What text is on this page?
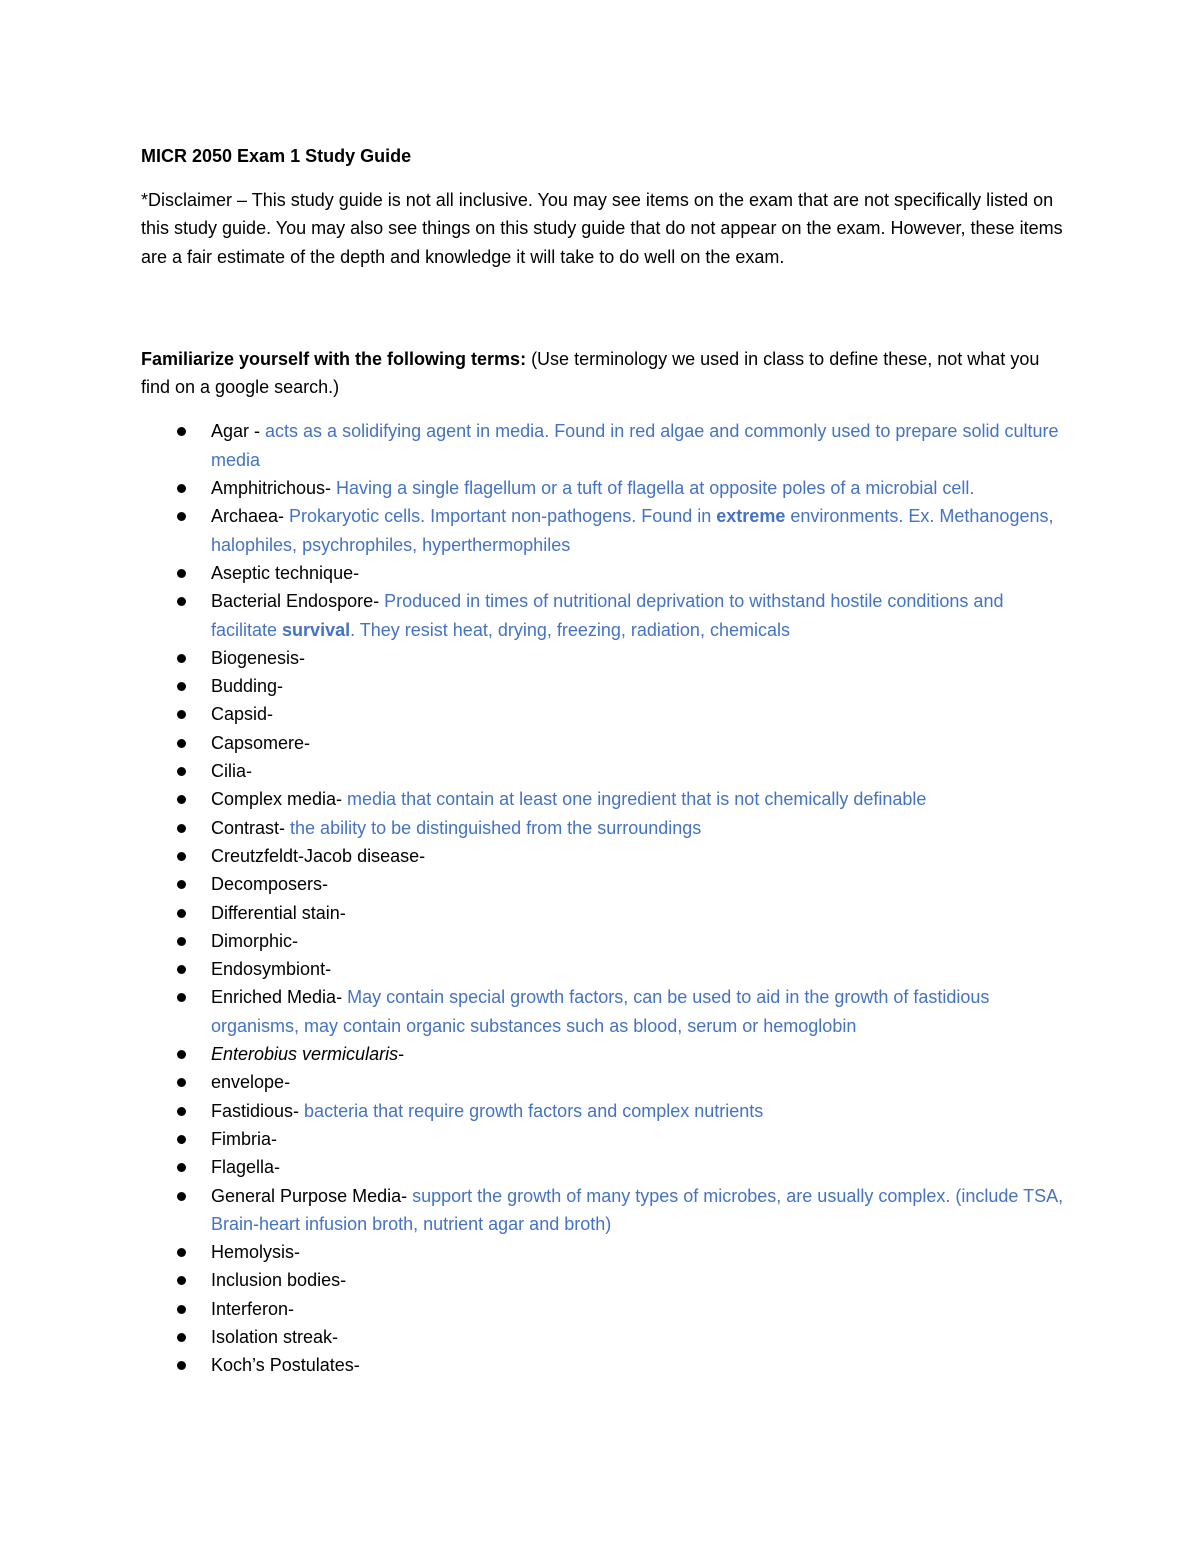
MICR 2050 Exam 1 Study Guide

*Disclaimer – This study guide is not all inclusive. You may see items on the exam that are not specifically listed on this study guide. You may also see things on this study guide that do not appear on the exam. However, these items are a fair estimate of the depth and knowledge it will take to do well on the exam.

Familiarize yourself with the following terms: (Use terminology we used in class to define these, not what you find on a google search.)

Agar - acts as a solidifying agent in media. Found in red algae and commonly used to prepare solid culture media
Amphitrichous- Having a single flagellum or a tuft of flagella at opposite poles of a microbial cell.
Archaea- Prokaryotic cells. Important non-pathogens. Found in extreme environments. Ex. Methanogens, halophiles, psychrophiles, hyperthermophiles
Aseptic technique-
Bacterial Endospore- Produced in times of nutritional deprivation to withstand hostile conditions and facilitate survival. They resist heat, drying, freezing, radiation, chemicals
Biogenesis-
Budding-
Capsid-
Capsomere-
Cilia-
Complex media- media that contain at least one ingredient that is not chemically definable
Contrast- the ability to be distinguished from the surroundings
Creutzfeldt-Jacob disease-
Decomposers-
Differential stain-
Dimorphic-
Endosymbiont-
Enriched Media- May contain special growth factors, can be used to aid in the growth of fastidious organisms, may contain organic substances such as blood, serum or hemoglobin
Enterobius vermicularis-
envelope-
Fastidious- bacteria that require growth factors and complex nutrients
Fimbria-
Flagella-
General Purpose Media- support the growth of many types of microbes, are usually complex. (include TSA, Brain-heart infusion broth, nutrient agar and broth)
Hemolysis-
Inclusion bodies-
Interferon-
Isolation streak-
Koch’s Postulates-
